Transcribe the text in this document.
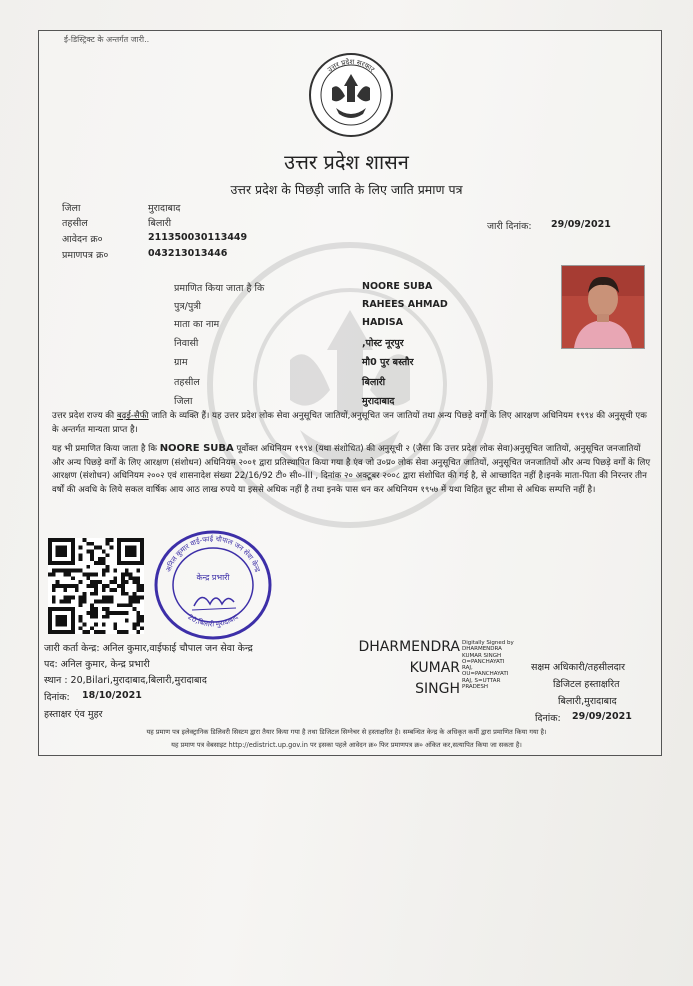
ई-डिस्ट्रिक्ट के अन्तर्गत जारी..
उत्तर प्रदेश सरकार
उत्तर प्रदेश शासन
उत्तर प्रदेश के पिछड़ी जाति के लिए जाति प्रमाण पत्र
जिला	मुरादाबाद
तहसील	बिलारी
आवेदन क्र०	211350030113449
प्रमाणपत्र क्र०	043213013446
जारी दिनांक: 29/09/2021
प्रमाणित किया जाता है कि	NOORE SUBA
पुत्र/पुत्री	RAHEES AHMAD
माता का नाम	HADISA
निवासी	,पोस्ट नूरपुर
ग्राम	मौ0 पुर बस्तौर
तहसील	बिलारी
जिला	मुरादाबाद
उत्तर प्रदेश राज्य की बढ़ई-सैफी जाति के व्यक्ति हैं। यह उत्तर प्रदेश लोक सेवा अनुसूचित जातियों,अनुसूचित जन जातियों तथा अन्य पिछड़े वर्गों के लिए आरक्षण अधिनियम १९९४ की अनुसूची एक के अन्तर्गत मान्यता प्राप्त है।
यह भी प्रमाणित किया जाता है कि NOORE SUBA पूर्वोक्त अधिनियम १९९४ (यथा संशोधित) की अनुसूची २ (जैसा कि उत्तर प्रदेश लोक सेवा)अनुसूचित जातियों, अनुसूचित जनजातियों और अन्य पिछड़े वर्गों के लिए आरक्षण (संशोधन) अधिनियम २००१ द्वारा प्रतिस्थापित किया गया है एंव जो उ०प्र० लोक सेवा अनुसूचित जातियों, अनुसूचित जनजातियों और अन्य पिछड़े वर्गों के लिए आरक्षण (संशोधन) अधिनियम २००२ एवं शासनादेश संख्या 22/16/92 टी० सी०-III , दिनांक २० अक्टूबर २००८ द्वारा संशोधित की गई है, से आच्छादित नहीं है।इनके माता-पिता की निरन्तर तीन वर्षों की अवधि के लिये सकल वार्षिक आय आठ लाख रुपये या इससे अधिक नहीं है तथा इनके पास धन कर अधिनियम १९५७ में यथा विहित छूट सीमा से अधिक सम्पत्ति नहीं है।
अनिल कुमार वाई-फाई चौपाल जन सेवा केन्द्र
20,बिलारी मुरादाबाद
केन्द्र प्रभारी
जारी कर्ता केन्द्र: अनिल कुमार,वाईफाई चौपाल जन सेवा केन्द्र
पद: अनिल कुमार, केन्द्र प्रभारी
स्थान : 20,Bilari,मुरादाबाद,बिलारी,मुरादाबाद
दिनांक: 18/10/2021
हस्ताक्षर एंव मुहर
DHARMENDRA
KUMAR
SINGH
Digitally Signed by
DHARMENDRA
KUMAR SINGH
O=PANCHAYATI
RAJ,
OU=PANCHAYATI
RAJ, S=UTTAR
PRADESH
सक्षम अधिकारी/तहसीलदार
डिजिटल हस्ताक्षरित
बिलारी,मुरादाबाद
दिनांक: 29/09/2021
यह प्रमाण पत्र इलेक्ट्रानिक डिलिवरी सिस्टम द्वारा तैयार किया गया है तथा डिजिटल सिग्नेचर से हस्ताक्षरित है। सम्बन्धित केन्द्र के अधिकृत कर्मी द्वारा प्रमाणित किया गया है।
यह प्रमाण पत्र वेबसाइट http://edistrict.up.gov.in पर इसका पहले आवेदन क्र० फिर प्रमाणपत्र क्र० अंकित कर,सत्यापित किया जा सकता है।
